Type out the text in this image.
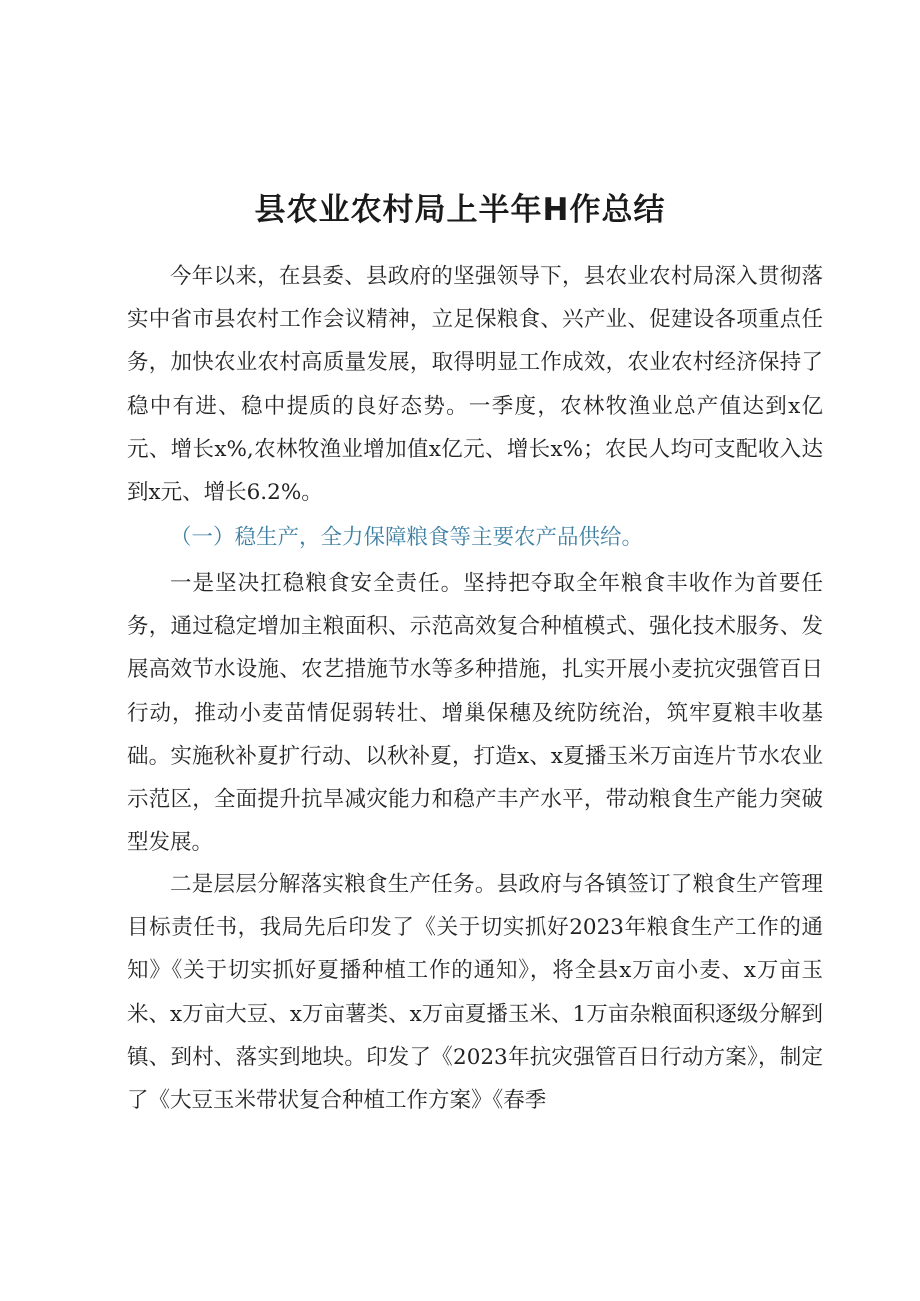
县农业农村局上半年H作总结

今年以来，在县委、县政府的坚强领导下，县农业农村局深入贯彻落实中省市县农村工作会议精神，立足保粮食、兴产业、促建设各项重点任务，加快农业农村高质量发展，取得明显工作成效，农业农村经济保持了稳中有进、稳中提质的良好态势。一季度，农林牧渔业总产值达到x亿元、增长x%,农林牧渔业增加值x亿元、增长x%；农民人均可支配收入达到x元、增长6.2%。

（一）稳生产，全力保障粮食等主要农产品供给。

一是坚决扛稳粮食安全责任。坚持把夺取全年粮食丰收作为首要任务，通过稳定增加主粮面积、示范高效复合种植模式、强化技术服务、发展高效节水设施、农艺措施节水等多种措施，扎实开展小麦抗灾强管百日行动，推动小麦苗情促弱转壮、增巢保穗及统防统治，筑牢夏粮丰收基础。实施秋补夏扩行动、以秋补夏，打造x、x夏播玉米万亩连片节水农业示范区，全面提升抗旱减灾能力和稳产丰产水平，带动粮食生产能力突破型发展。

二是层层分解落实粮食生产任务。县政府与各镇签订了粮食生产管理目标责任书，我局先后印发了《关于切实抓好2023年粮食生产工作的通知》《关于切实抓好夏播种植工作的通知》，将全县x万亩小麦、x万亩玉米、x万亩大豆、x万亩薯类、x万亩夏播玉米、1万亩杂粮面积逐级分解到镇、到村、落实到地块。印发了《2023年抗灾强管百日行动方案》，制定了《大豆玉米带状复合种植工作方案》《春季
